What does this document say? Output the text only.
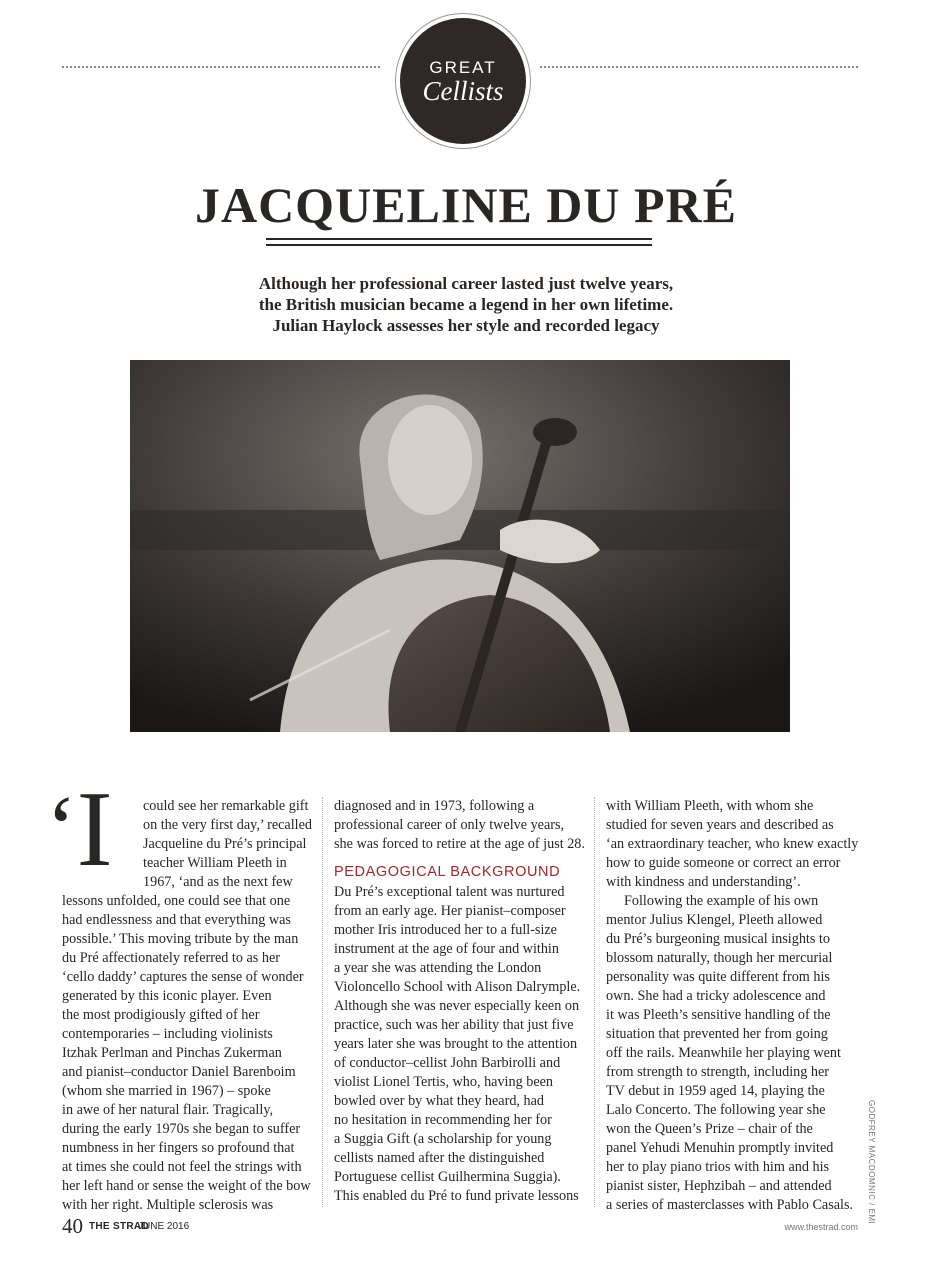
GREAT
Cellists
JACQUELINE DU PRÉ
Although her professional career lasted just twelve years,
the British musician became a legend in her own lifetime.
Julian Haylock assesses her style and recorded legacy
‘I	could see her remarkable gift
on the very first day,’ recalled
Jacqueline du Pré’s principal
teacher William Pleeth in
1967, ‘and as the next few
lessons unfolded, one could see that one
had endlessness and that everything was
possible.’ This moving tribute by the man
du Pré affectionately referred to as her
‘cello daddy’ captures the sense of wonder
generated by this iconic player. Even
the most prodigiously gifted of her
contemporaries – including violinists
Itzhak Perlman and Pinchas Zukerman
and pianist–conductor Daniel Barenboim
(whom she married in 1967) – spoke
in awe of her natural flair. Tragically,
during the early 1970s she began to suffer
numbness in her fingers so profound that
at times she could not feel the strings with
her left hand or sense the weight of the bow
with her right. Multiple sclerosis was
diagnosed and in 1973, following a
professional career of only twelve years,
she was forced to retire at the age of just 28.
PEDAGOGICAL BACKGROUND
Du Pré’s exceptional talent was nurtured
from an early age. Her pianist–composer
mother Iris introduced her to a full-size
instrument at the age of four and within
a year she was attending the London
Violoncello School with Alison Dalrymple.
Although she was never especially keen on
practice, such was her ability that just five
years later she was brought to the attention
of conductor–cellist John Barbirolli and
violist Lionel Tertis, who, having been
bowled over by what they heard, had
no hesitation in recommending her for
a Suggia Gift (a scholarship for young
cellists named after the distinguished
Portuguese cellist Guilhermina Suggia).
This enabled du Pré to fund private lessons
with William Pleeth, with whom she
studied for seven years and described as
‘an extraordinary teacher, who knew exactly
how to guide someone or correct an error
with kindness and understanding’.
Following the example of his own
mentor Julius Klengel, Pleeth allowed
du Pré’s burgeoning musical insights to
blossom naturally, though her mercurial
personality was quite different from his
own. She had a tricky adolescence and
it was Pleeth’s sensitive handling of the
situation that prevented her from going
off the rails. Meanwhile her playing went
from strength to strength, including her
TV debut in 1959 aged 14, playing the
Lalo Concerto. The following year she
won the Queen’s Prize – chair of the
panel Yehudi Menuhin promptly invited
her to play piano trios with him and his
pianist sister, Hephzibah – and attended
a series of masterclasses with Pablo Casals.	GODFREY MACDOMNIC / EMI
40 THE STRAD
JUNE 2016	www.thestrad.com
